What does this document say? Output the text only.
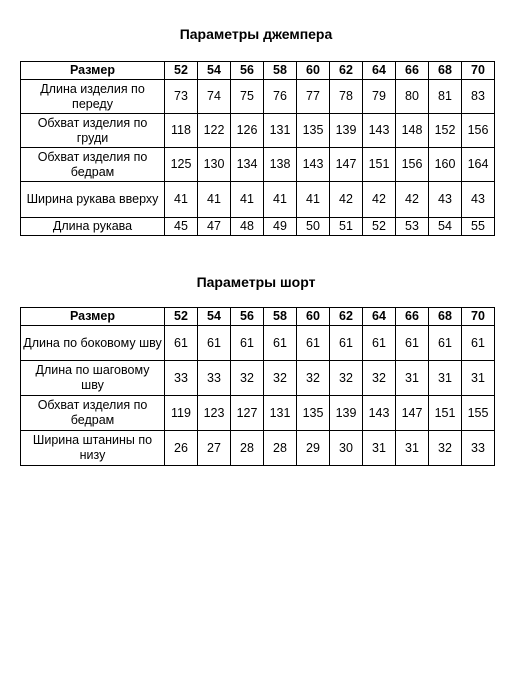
Параметры джемпера
Размер	52	54	56	58	60	62	64	66	68	70
Длина изделия по переду	73	74	75	76	77	78	79	80	81	83
Обхват изделия по груди	118	122	126	131	135	139	143	148	152	156
Обхват изделия по бедрам	125	130	134	138	143	147	151	156	160	164
Ширина рукава вверху	41	41	41	41	41	42	42	42	43	43
Длина рукава	45	47	48	49	50	51	52	53	54	55
Параметры шорт
Размер	52	54	56	58	60	62	64	66	68	70
Длина по боковому шву	61	61	61	61	61	61	61	61	61	61
Длина по шаговому шву	33	33	32	32	32	32	32	31	31	31
Обхват изделия по бедрам	119	123	127	131	135	139	143	147	151	155
Ширина штанины по низу	26	27	28	28	29	30	31	31	32	33
